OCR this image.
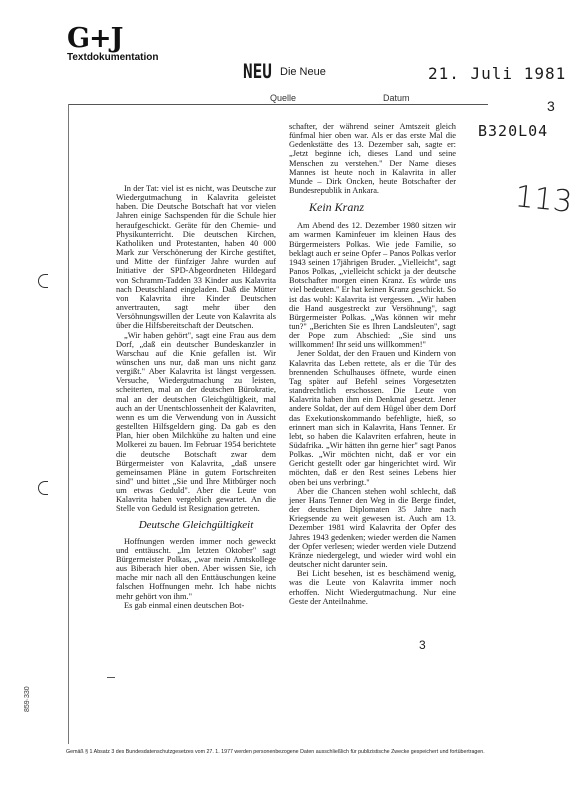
G+J
Textdokumentation
NEU Die Neue	21. Juli 1981
Quelle	Datum	3
B320L04
113
859·330

In der Tat: viel ist es nicht, was Deutsche zur Wiedergutmachung in Kalavrita geleistet haben. Die Deutsche Botschaft hat vor vielen Jahren einige Sachspenden für die Schule hier heraufgeschickt. Geräte für den Chemie- und Physikunterricht. Die deutschen Kirchen, Katholiken und Protestanten, haben 40 000 Mark zur Verschönerung der Kirche gestiftet, und Mitte der fünfziger Jahre wurden auf Initiative der SPD-Abgeordneten Hildegard von Schramm-Tadden 33 Kinder aus Kalavrita nach Deutschland eingeladen. Daß die Mütter von Kalavrita ihre Kinder Deutschen anvertrauten, sagt mehr über den Versöhnungswillen der Leute von Kalavrita als über die Hilfsbereitschaft der Deutschen.

„Wir haben gehört", sagt eine Frau aus dem Dorf, „daß ein deutscher Bundeskanzler in Warschau auf die Knie gefallen ist. Wir wünschen uns nur, daß man uns nicht ganz vergißt." Aber Kalavrita ist längst vergessen. Versuche, Wiedergutmachung zu leisten, scheiterten, mal an der deutschen Bürokratie, mal an der deutschen Gleichgültigkeit, mal auch an der Unentschlossenheit der Kalavriten, wenn es um die Verwendung von in Aussicht gestellten Hilfsgeldern ging. Da gab es den Plan, hier oben Milchkühe zu halten und eine Molkerei zu bauen. Im Februar 1954 berichtete die deutsche Botschaft zwar dem Bürgermeister von Kalavrita, „daß unsere gemeinsamen Pläne in gutem Fortschreiten sind" und bittet „Sie und Ihre Mitbürger noch um etwas Geduld". Aber die Leute von Kalavrita haben vergeblich gewartet. An die Stelle von Geduld ist Resignation getreten.

Deutsche Gleichgültigkeit

Hoffnungen werden immer noch geweckt und enttäuscht. „Im letzten Oktober" sagt Bürgermeister Polkas, „war mein Amtskollege aus Biberach hier oben. Aber wissen Sie, ich mache mir nach all den Enttäuschungen keine falschen Hoffnungen mehr. Ich habe nichts mehr gehört von ihm."

Es gab einmal einen deutschen Bot-

schafter, der während seiner Amtszeit gleich fünfmal hier oben war. Als er das erste Mal die Gedenkstätte des 13. Dezember sah, sagte er: „Jetzt beginne ich, dieses Land und seine Menschen zu verstehen." Der Name dieses Mannes ist heute noch in Kalavrita in aller Munde – Dirk Oncken, heute Botschafter der Bundesrepublik in Ankara.

Kein Kranz

Am Abend des 12. Dezember 1980 sitzen wir am warmen Kaminfeuer im kleinen Haus des Bürgermeisters Polkas. Wie jede Familie, so beklagt auch er seine Opfer – Panos Polkas verlor 1943 seinen 17jährigen Bruder. „Vielleicht", sagt Panos Polkas, „vielleicht schickt ja der deutsche Botschafter morgen einen Kranz. Es würde uns viel bedeuten." Er hat keinen Kranz geschickt. So ist das wohl: Kalavrita ist vergessen. „Wir haben die Hand ausgestreckt zur Versöhnung", sagt Bürgermeister Polkas. „Was können wir mehr tun?" „Berichten Sie es Ihren Landsleuten", sagt der Pope zum Abschied: „Sie sind uns willkommen! Ihr seid uns willkommen!"

Jener Soldat, der den Frauen und Kindern von Kalavrita das Leben rettete, als er die Tür des brennenden Schulhauses öffnete, wurde einen Tag später auf Befehl seines Vorgesetzten standrechtlich erschossen. Die Leute von Kalavrita haben ihm ein Denkmal gesetzt. Jener andere Soldat, der auf dem Hügel über dem Dorf das Exekutionskommando befehligte, hieß, so erinnert man sich in Kalavrita, Hans Tenner. Er lebt, so haben die Kalavriten erfahren, heute in Südafrika. „Wir hätten ihn gerne hier" sagt Panos Polkas. „Wir möchten nicht, daß er vor ein Gericht gestellt oder gar hingerichtet wird. Wir möchten, daß er den Rest seines Lebens hier oben bei uns verbringt."

Aber die Chancen stehen wohl schlecht, daß jener Hans Tenner den Weg in die Berge findet, der deutschen Diplomaten 35 Jahre nach Kriegsende zu weit gewesen ist. Auch am 13. Dezember 1981 wird Kalavrita der Opfer des Jahres 1943 gedenken; wieder werden die Namen der Opfer verlesen; wieder werden viele Dutzend Kränze niedergelegt, und wieder wird wohl ein deutscher nicht darunter sein.

Bei Licht besehen, ist es beschämend wenig, was die Leute von Kalavrita immer noch erhoffen. Nicht Wiedergutmachung. Nur eine Geste der Anteilnahme.

3
Gemäß § 1 Absatz 3 des Bundesdatenschutzgesetzes vom 27. 1. 1977 werden personenbezogene Daten ausschließlich für publizistische Zwecke gespeichert und fortübertragen.
